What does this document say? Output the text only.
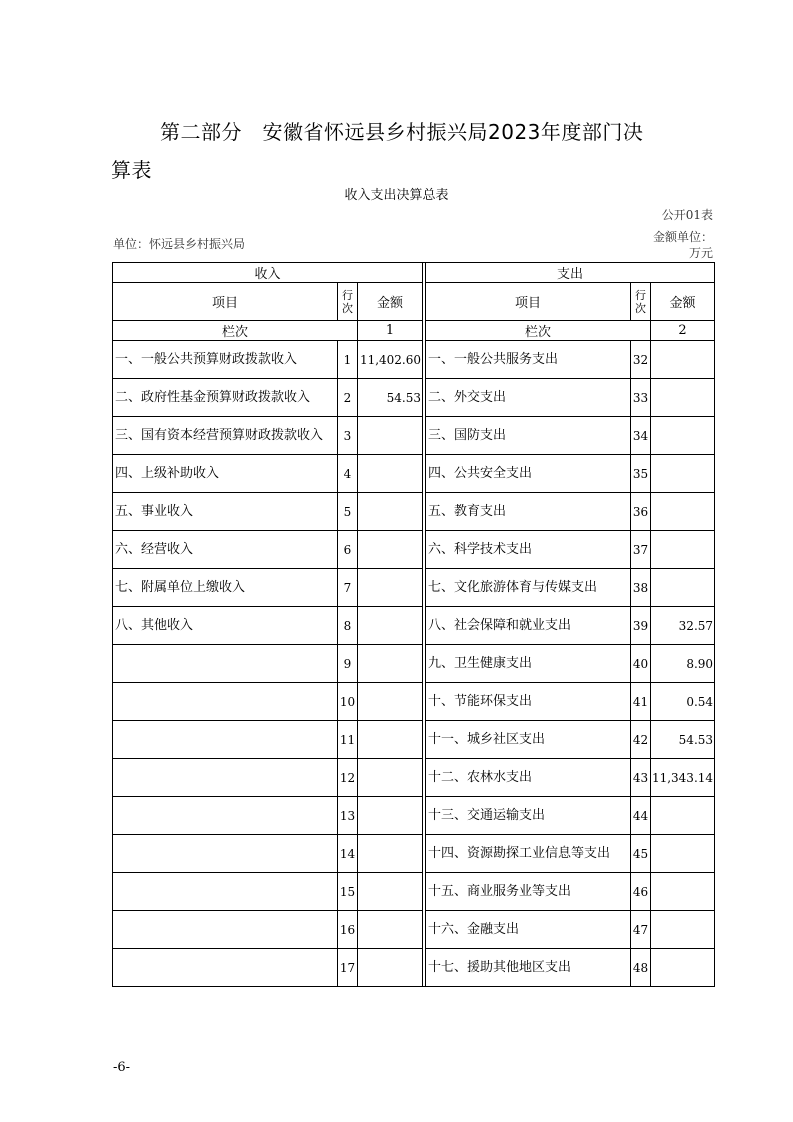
第二部分　安徽省怀远县乡村振兴局2023年度部门决
算表
收入支出决算总表
公开01表
单位：怀远县乡村振兴局	金额单位：
万元
收入				支出		
项目	行次	金额		项目	行次	金额
栏次		1		栏次		2
一、一般公共预算财政拨款收入	1	11,402.60		一、一般公共服务支出	32	
二、政府性基金预算财政拨款收入	2	54.53		二、外交支出	33	
三、国有资本经营预算财政拨款收入	3			三、国防支出	34	
四、上级补助收入	4			四、公共安全支出	35	
五、事业收入	5			五、教育支出	36	
六、经营收入	6			六、科学技术支出	37	
七、附属单位上缴收入	7			七、文化旅游体育与传媒支出	38	
八、其他收入	8			八、社会保障和就业支出	39	32.57
	9			九、卫生健康支出	40	8.90
	10			十、节能环保支出	41	0.54
	11			十一、城乡社区支出	42	54.53
	12			十二、农林水支出	43	11,343.14
	13			十三、交通运输支出	44	
	14			十四、资源勘探工业信息等支出	45	
	15			十五、商业服务业等支出	46	
	16			十六、金融支出	47	
	17			十七、援助其他地区支出	48	
-6-
